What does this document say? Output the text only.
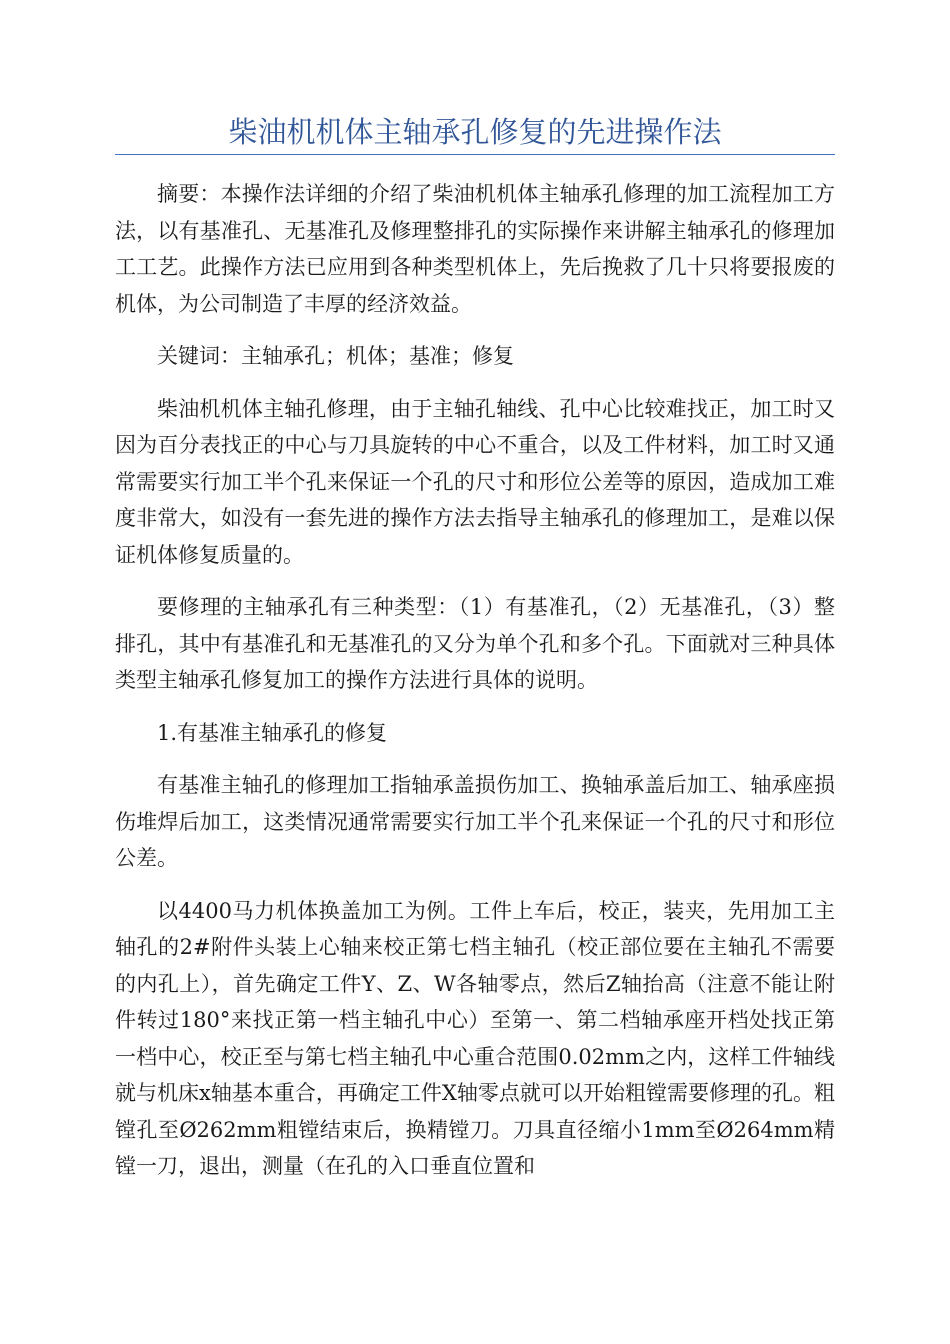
柴油机机体主轴承孔修复的先进操作法

摘要：本操作法详细的介绍了柴油机机体主轴承孔修理的加工流程加工方法，以有基准孔、无基准孔及修理整排孔的实际操作来讲解主轴承孔的修理加工工艺。此操作方法已应用到各种类型机体上，先后挽救了几十只将要报废的机体，为公司制造了丰厚的经济效益。

关键词：主轴承孔；机体；基准；修复

柴油机机体主轴孔修理，由于主轴孔轴线、孔中心比较难找正，加工时又因为百分表找正的中心与刀具旋转的中心不重合，以及工件材料，加工时又通常需要实行加工半个孔来保证一个孔的尺寸和形位公差等的原因，造成加工难度非常大，如没有一套先进的操作方法去指导主轴承孔的修理加工，是难以保证机体修复质量的。

要修理的主轴承孔有三种类型：（1）有基准孔，（2）无基准孔，（3）整排孔，其中有基准孔和无基准孔的又分为单个孔和多个孔。下面就对三种具体类型主轴承孔修复加工的操作方法进行具体的说明。

1.有基准主轴承孔的修复

有基准主轴孔的修理加工指轴承盖损伤加工、换轴承盖后加工、轴承座损伤堆焊后加工，这类情况通常需要实行加工半个孔来保证一个孔的尺寸和形位公差。

以4400马力机体换盖加工为例。工件上车后，校正，装夹，先用加工主轴孔的2#附件头装上心轴来校正第七档主轴孔（校正部位要在主轴孔不需要的内孔上），首先确定工件Y、Z、W各轴零点，然后Z轴抬高（注意不能让附件转过180°来找正第一档主轴孔中心）至第一、第二档轴承座开档处找正第一档中心，校正至与第七档主轴孔中心重合范围0.02mm之内，这样工件轴线就与机床x轴基本重合，再确定工件X轴零点就可以开始粗镗需要修理的孔。粗镗孔至Ø262mm粗镗结束后，换精镗刀。刀具直径缩小1mm至Ø264mm精镗一刀，退出，测量（在孔的入口垂直位置和
